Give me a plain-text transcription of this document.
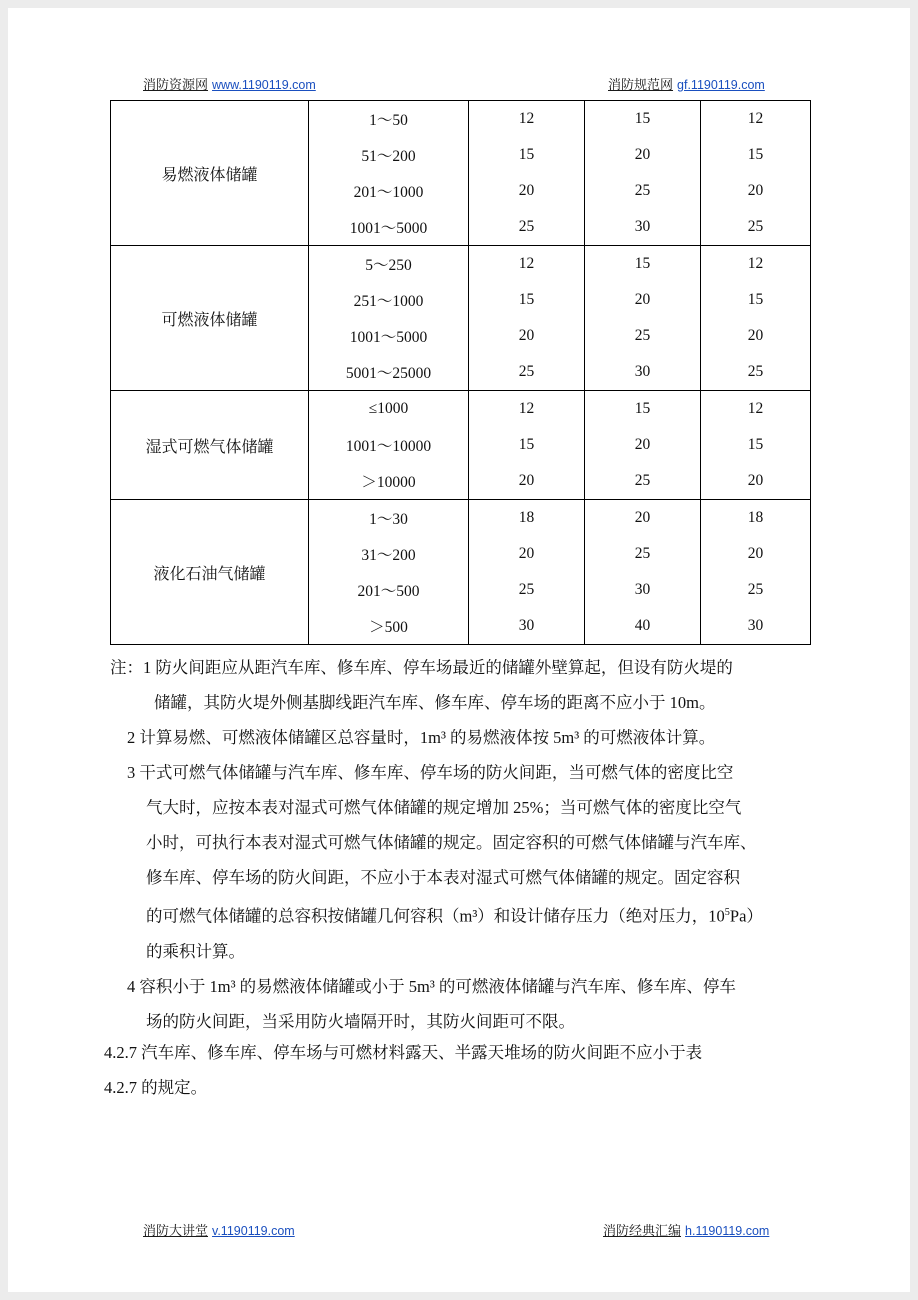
消防资源网 www.1190119.com	消防规范网 gf.1190119.com
易燃液体储罐	1～50	12	15	12
	51～200	15	20	15
	201～1000	20	25	20
	1001～5000	25	30	25
可燃液体储罐	5～250	12	15	12
	251～1000	15	20	15
	1001～5000	20	25	20
	5001～25000	25	30	25
湿式可燃气体储罐	≤1000	12	15	12
	1001～10000	15	20	15
	＞10000	20	25	20
液化石油气储罐	1～30	18	20	18
	31～200	20	25	20
	201～500	25	30	25
	＞500	30	40	30
注：1 防火间距应从距汽车库、修车库、停车场最近的储罐外壁算起，但设有防火堤的
储罐，其防火堤外侧基脚线距汽车库、修车库、停车场的距离不应小于 10m。
2 计算易燃、可燃液体储罐区总容量时，1m³ 的易燃液体按 5m³ 的可燃液体计算。
3 干式可燃气体储罐与汽车库、修车库、停车场的防火间距，当可燃气体的密度比空
气大时，应按本表对湿式可燃气体储罐的规定增加 25%；当可燃气体的密度比空气
小时，可执行本表对湿式可燃气体储罐的规定。固定容积的可燃气体储罐与汽车库、
修车库、停车场的防火间距，不应小于本表对湿式可燃气体储罐的规定。固定容积
的可燃气体储罐的总容积按储罐几何容积（m³）和设计储存压力（绝对压力，$10^5Pa$）
的乘积计算。
4 容积小于 1m³ 的易燃液体储罐或小于 5m³ 的可燃液体储罐与汽车库、修车库、停车
场的防火间距，当采用防火墙隔开时，其防火间距可不限。
4.2.7 汽车库、修车库、停车场与可燃材料露天、半露天堆场的防火间距不应小于表
4.2.7 的规定。
消防大讲堂 v.1190119.com	消防经典汇编 h.1190119.com
